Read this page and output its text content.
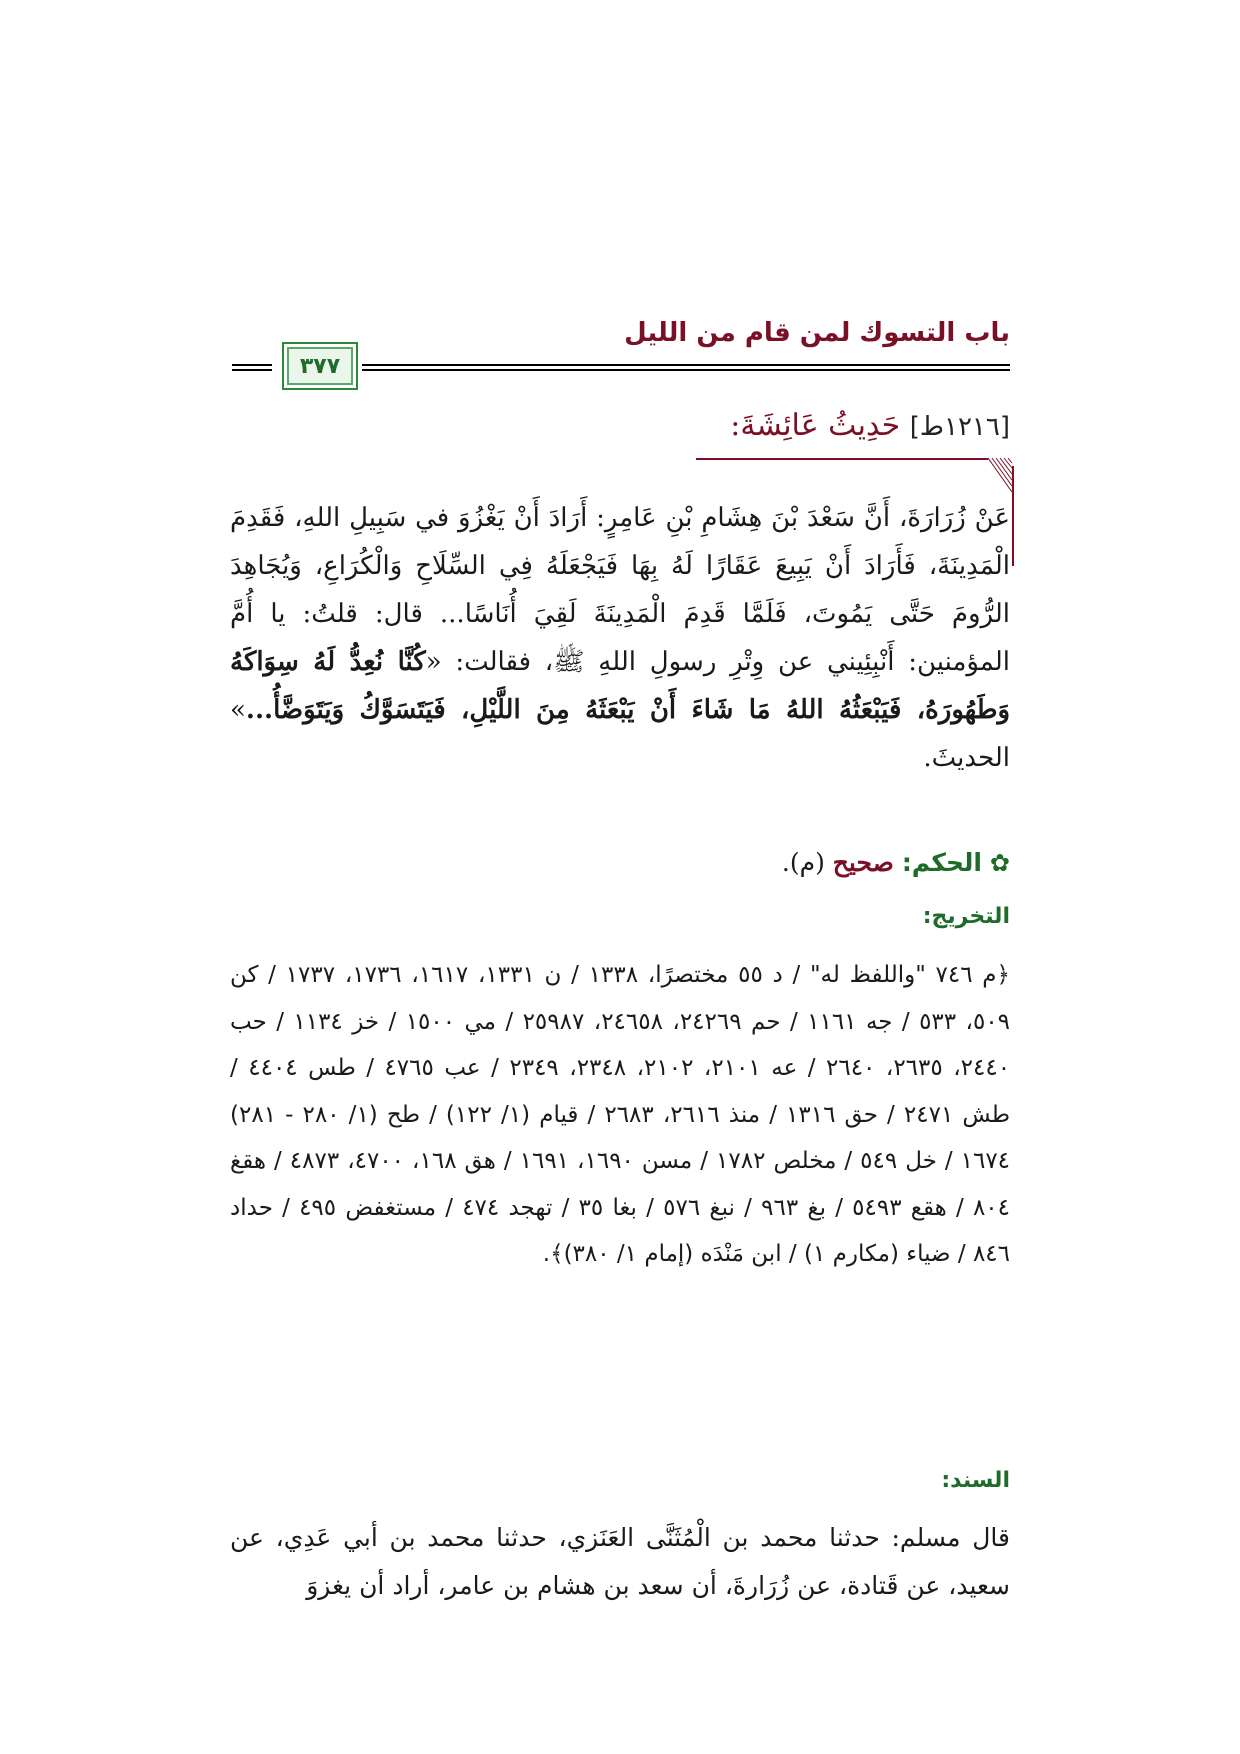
باب التسوك لمن قام من الليل
٣٧٧
[١٢١٦ط] حَدِيثُ عَائِشَةَ:
عَنْ زُرَارَةَ، أَنَّ سَعْدَ بْنَ هِشَامِ بْنِ عَامِرٍ: أَرَادَ أَنْ يَغْزُوَ في سَبِيلِ اللهِ، فَقَدِمَ الْمَدِينَةَ، فَأَرَادَ أَنْ يَبِيعَ عَقَارًا لَهُ بِهَا فَيَجْعَلَهُ فِي السِّلَاحِ وَالْكُرَاعِ، وَيُجَاهِدَ الرُّومَ حَتَّى يَمُوتَ، فَلَمَّا قَدِمَ الْمَدِينَةَ لَقِيَ أُنَاسًا... قال: قلتُ: يا أُمَّ المؤمنين: أَنْبِئِيني عن وِتْرِ رسولِ اللهِ ﷺ، فقالت: «كُنَّا نُعِدُّ لَهُ سِوَاكَهُ وَطَهُورَهُ، فَيَبْعَثُهُ اللهُ مَا شَاءَ أَنْ يَبْعَثَهُ مِنَ اللَّيْلِ، فَيَتَسَوَّكُ وَيَتَوَضَّأُ...» الحديثَ.
✿ الحكم: صحيح (م).
التخريج:
﴿م ٧٤٦ "واللفظ له" / د ٥٥ مختصرًا، ١٣٣٨ / ن ١٣٣١، ١٦١٧، ١٧٣٦، ١٧٣٧ / كن ٥٠٩، ٥٣٣ / جه ١١٦١ / حم ٢٤٢٦٩، ٢٤٦٥٨، ٢٥٩٨٧ / مي ١٥٠٠ / خز ١١٣٤ / حب ٢٤٤٠، ٢٦٣٥، ٢٦٤٠ / عه ٢١٠١، ٢١٠٢، ٢٣٤٨، ٢٣٤٩ / عب ٤٧٦٥ / طس ٤٤٠٤ / طش ٢٤٧١ / حق ١٣١٦ / منذ ٢٦١٦، ٢٦٨٣ / قيام (١/ ١٢٢) / طح (١/ ٢٨٠ - ٢٨١) ١٦٧٤ / خل ٥٤٩ / مخلص ١٧٨٢ / مسن ١٦٩٠، ١٦٩١ / هق ١٦٨، ٤٧٠٠، ٤٨٧٣ / هقغ ٨٠٤ / هقع ٥٤٩٣ / بغ ٩٦٣ / نبغ ٥٧٦ / بغا ٣٥ / تهجد ٤٧٤ / مستغفض ٤٩٥ / حداد ٨٤٦ / ضياء (مكارم ١) / ابن مَنْدَه (إمام ١/ ٣٨٠)﴾.
السند:
قال مسلم: حدثنا محمد بن الْمُثَنَّى العَنَزي، حدثنا محمد بن أبي عَدِي، عن سعيد، عن قَتادة، عن زُرَارةَ، أن سعد بن هشام بن عامر، أراد أن يغزوَ
